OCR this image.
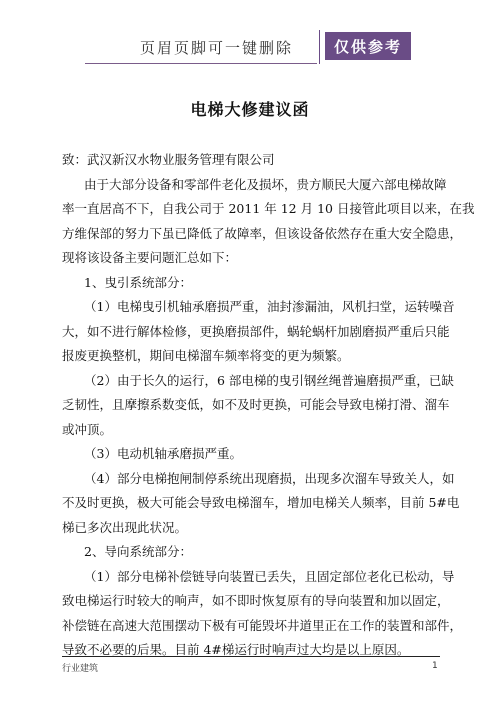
页眉页脚可一键删除	仅供参考
电梯大修建议函
致：武汉新汉水物业服务管理有限公司
由于大部分设备和零部件老化及损坏，贵方顺民大厦六部电梯故障
率一直居高不下，自我公司于 2011 年 12 月 10 日接管此项目以来，在我
方维保部的努力下虽已降低了故障率，但该设备依然存在重大安全隐患，
现将该设备主要问题汇总如下：
1、曳引系统部分：
（1）电梯曳引机轴承磨损严重，油封渗漏油，风机扫堂，运转噪音
大，如不进行解体检修，更换磨损部件，蜗轮蜗杆加剧磨损严重后只能
报废更换整机，期间电梯溜车频率将变的更为频繁。
（2）由于长久的运行，6 部电梯的曳引钢丝绳普遍磨损严重，已缺
乏韧性，且摩擦系数变低，如不及时更换，可能会导致电梯打滑、溜车
或冲顶。
（3）电动机轴承磨损严重。
（4）部分电梯抱闸制停系统出现磨损，出现多次溜车导致关人，如
不及时更换，极大可能会导致电梯溜车，增加电梯关人频率，目前 5#电
梯已多次出现此状况。
2、导向系统部分：
（1）部分电梯补偿链导向装置已丢失，且固定部位老化已松动，导
致电梯运行时较大的响声，如不即时恢复原有的导向装置和加以固定，
补偿链在高速大范围摆动下极有可能毁坏井道里正在工作的装置和部件，
导致不必要的后果。目前 4#梯运行时响声过大均是以上原因。
行业建筑	1
